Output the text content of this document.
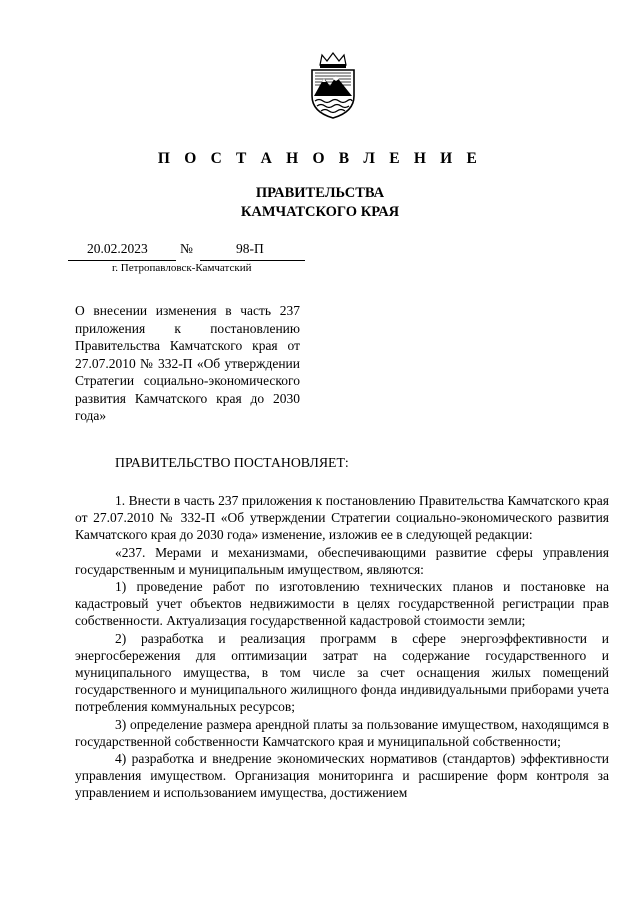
П О С Т А Н О В Л Е Н И Е
ПРАВИТЕЛЬСТВА
КАМЧАТСКОГО КРАЯ
20.02.2023 №	98-П
г. Петропавловск-Камчатский
О внесении изменения в часть 237 приложения к постановлению Правительства Камчатского края от 27.07.2010 № 332-П «Об утверждении Стратегии социально-экономического развития Камчатского края до 2030 года»
ПРАВИТЕЛЬСТВО ПОСТАНОВЛЯЕТ:

1. Внести в часть 237 приложения к постановлению Правительства Камчатского края от 27.07.2010 № 332-П «Об утверждении Стратегии социально-экономического развития Камчатского края до 2030 года» изменение, изложив ее в следующей редакции:

«237. Мерами и механизмами, обеспечивающими развитие сферы управления государственным и муниципальным имуществом, являются:

1) проведение работ по изготовлению технических планов и постановке на кадастровый учет объектов недвижимости в целях государственной регистрации прав собственности. Актуализация государственной кадастровой стоимости земли;

2) разработка и реализация программ в сфере энергоэффективности и энергосбережения для оптимизации затрат на содержание государственного и муниципального имущества, в том числе за счет оснащения жилых помещений государственного и муниципального жилищного фонда индивидуальными приборами учета потребления коммунальных ресурсов;

3) определение размера арендной платы за пользование имуществом, находящимся в государственной собственности Камчатского края и муниципальной собственности;

4) разработка и внедрение экономических нормативов (стандартов) эффективности управления имуществом. Организация мониторинга и расширение форм контроля за управлением и использованием имущества, достижением
